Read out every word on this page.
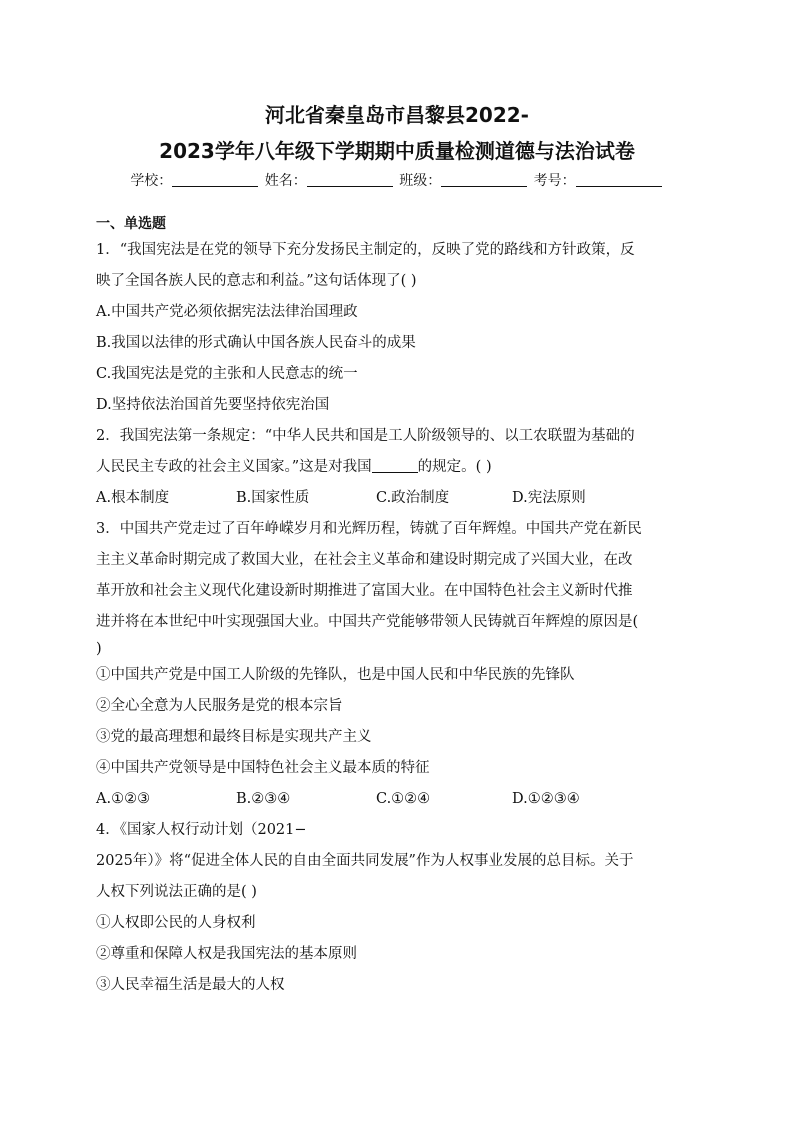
河北省秦皇岛市昌黎县2022-
2023学年八年级下学期期中质量检测道德与法治试卷
学校：	姓名：	班级：	考号：
一、单选题

1．“我国宪法是在党的领导下充分发扬民主制定的，反映了党的路线和方针政策，反

映了全国各族人民的意志和利益。”这句话体现了( )

A.中国共产党必须依据宪法法律治国理政

B.我国以法律的形式确认中国各族人民奋斗的成果

C.我国宪法是党的主张和人民意志的统一

D.坚持依法治国首先要坚持依宪治国

2．我国宪法第一条规定：“中华人民共和国是工人阶级领导的、以工农联盟为基础的

人民民主专政的社会主义国家。”这是对我国	的规定。( )

A.根本制度	B.国家性质	C.政治制度	D.宪法原则

3．中国共产党走过了百年峥嵘岁月和光辉历程，铸就了百年辉煌。中国共产党在新民

主主义革命时期完成了救国大业，在社会主义革命和建设时期完成了兴国大业，在改

革开放和社会主义现代化建设新时期推进了富国大业。在中国特色社会主义新时代推

进并将在本世纪中叶实现强国大业。中国共产党能够带领人民铸就百年辉煌的原因是(

)

①中国共产党是中国工人阶级的先锋队，也是中国人民和中华民族的先锋队

②全心全意为人民服务是党的根本宗旨

③党的最高理想和最终目标是实现共产主义

④中国共产党领导是中国特色社会主义最本质的特征

A.①②③	B.②③④	C.①②④	D.①②③④

4．《国家人权行动计划（2021−

2025年）》将“促进全体人民的自由全面共同发展”作为人权事业发展的总目标。关于

人权下列说法正确的是( )

①人权即公民的人身权利

②尊重和保障人权是我国宪法的基本原则

③人民幸福生活是最大的人权
